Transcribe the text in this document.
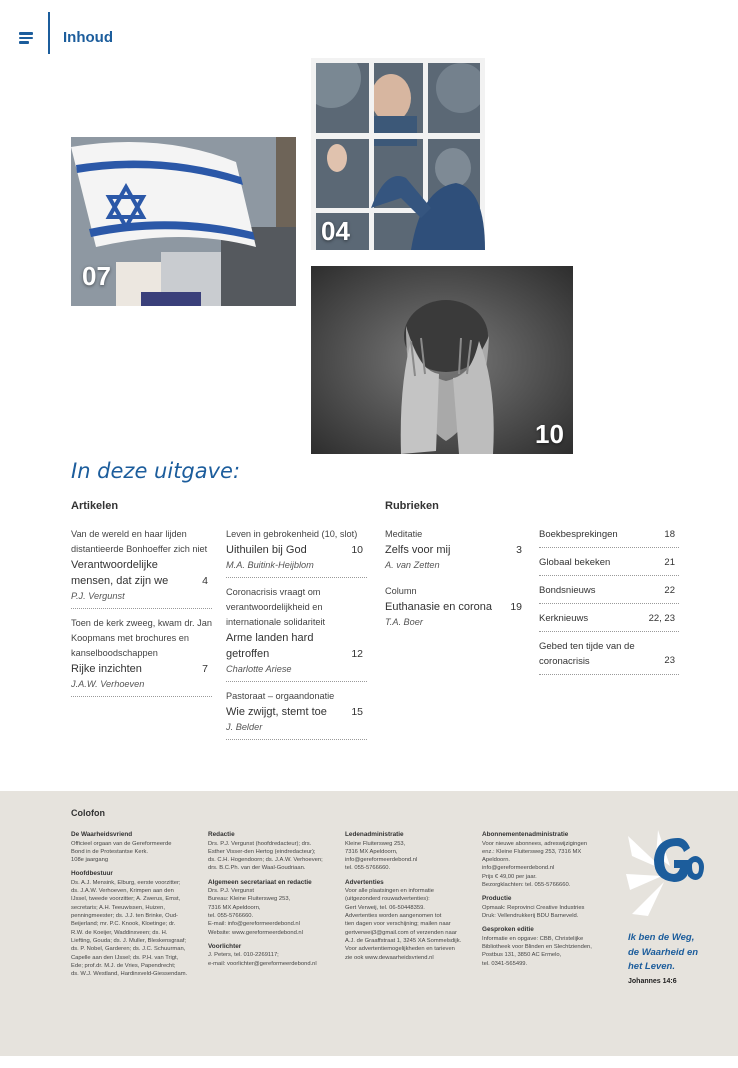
Inhoud
04
07
10
In deze uitgave:
Artikelen	Rubrieken
Van de wereld en haar lijden distantieerde Bonhoeffer zich niet
Verantwoordelijke mensen, dat zijn we	4
P.J. Vergunst
Toen de kerk zweeg, kwam dr. Jan Koopmans met brochures en kanselboodschappen
Rijke inzichten	7
J.A.W. Verhoeven
Leven in gebrokenheid (10, slot)
Uithuilen bij God	10
M.A. Buitink-Heijblom
Coronacrisis vraagt om verantwoordelijkheid en internationale solidariteit
Arme landen hard getroffen	12
Charlotte Ariese
Pastoraat – orgaandonatie
Wie zwijgt, stemt toe 15
J. Belder
Meditatie
Zelfs voor mij	3
A. van Zetten
Column
Euthanasie en corona 19
T.A. Boer
Boekbesprekingen	18
Globaal bekeken	21
Bondsnieuws	22
Kerknieuws	22, 23
Gebed ten tijde van de coronacrisis	23
Colofon
De Waarheidsvriend
Officieel orgaan van de Gereformeerde
Bond in de Protestantse Kerk.
108e jaargang
Hoofdbestuur
Ds. A.J. Mensink, Elburg, eerste voorzitter;
ds. J.A.W. Verhoeven, Krimpen aan den
IJssel, tweede voorzitter; A. Zwerus, Emst,
secretaris; A.H. Teeuwissen, Huizen,
penningmeester; ds. J.J. ten Brinke, Oud-
Beijerland; mr. P.C. Knook, Kloetinge; dr.
R.W. de Koeijer, Waddinxveen; ds. H.
Liefting, Gouda; ds. J. Muller, Bleskensgraaf;
ds. P. Nobel, Garderen; ds. J.C. Schuurman,
Capelle aan den IJssel; ds. P.H. van Trigt,
Ede; prof.dr. M.J. de Vries, Papendrecht;
ds. W.J. Westland, Hardinxveld-Giessendam.
Redactie
Drs. P.J. Vergunst (hoofdredacteur); drs.
Esther Visser-den Hertog (eindredacteur);
ds. C.H. Hogendoorn; ds. J.A.W. Verhoeven;
drs. B.C.Ph. van der Waal-Goudriaan.
Algemeen secretariaat en redactie
Drs. P.J. Vergunst
Bureau: Kleine Fluitersweg 253,
7316 MX Apeldoorn,
tel. 055-5766660.
E-mail: info@gereformeerdebond.nl
Website: www.gereformeerdebond.nl
Voorlichter
J. Peters, tel. 010-2269117;
e-mail: voorlichter@gereformeerdebond.nl
Ledenadministratie
Kleine Fluitersweg 253,
7316 MX Apeldoorn,
info@gereformeerdebond.nl
tel. 055-5766660.
Advertenties
Voor alle plaatsingen en informatie
(uitgezonderd rouwadvertenties):
Gert Verweij, tel. 06-50448359.
Advertenties worden aangenomen tot
tien dagen voor verschijning; mailen naar
gertverweij3@gmail.com of verzenden naar
A.J. de Graaffstraat 1, 3245 XA Sommelsdijk.
Voor advertentiemogelijkheden en tarieven
zie ook www.dewaarheidsvriend.nl
Abonnementenadministratie
Voor nieuwe abonnees, adreswijzigingen
enz.: Kleine Fluitersweg 253, 7316 MX
Apeldoorn.
info@gereformeerdebond.nl
Prijs € 49,00 per jaar.
Bezorgklachten: tel. 055-5766660.
Productie
Opmaak: Reprovinci Creative Industries
Druk: Vellendrukkerij BDU Barneveld.
Gesproken editie
Informatie en opgave: CBB, Christelijke
Bibliotheek voor Blinden en Slechtzienden,
Postbus 131, 3850 AC Ermelo,
tel. 0341-565499.
Ik ben de Weg,
de Waarheid en
het Leven.
Johannes 14:6
